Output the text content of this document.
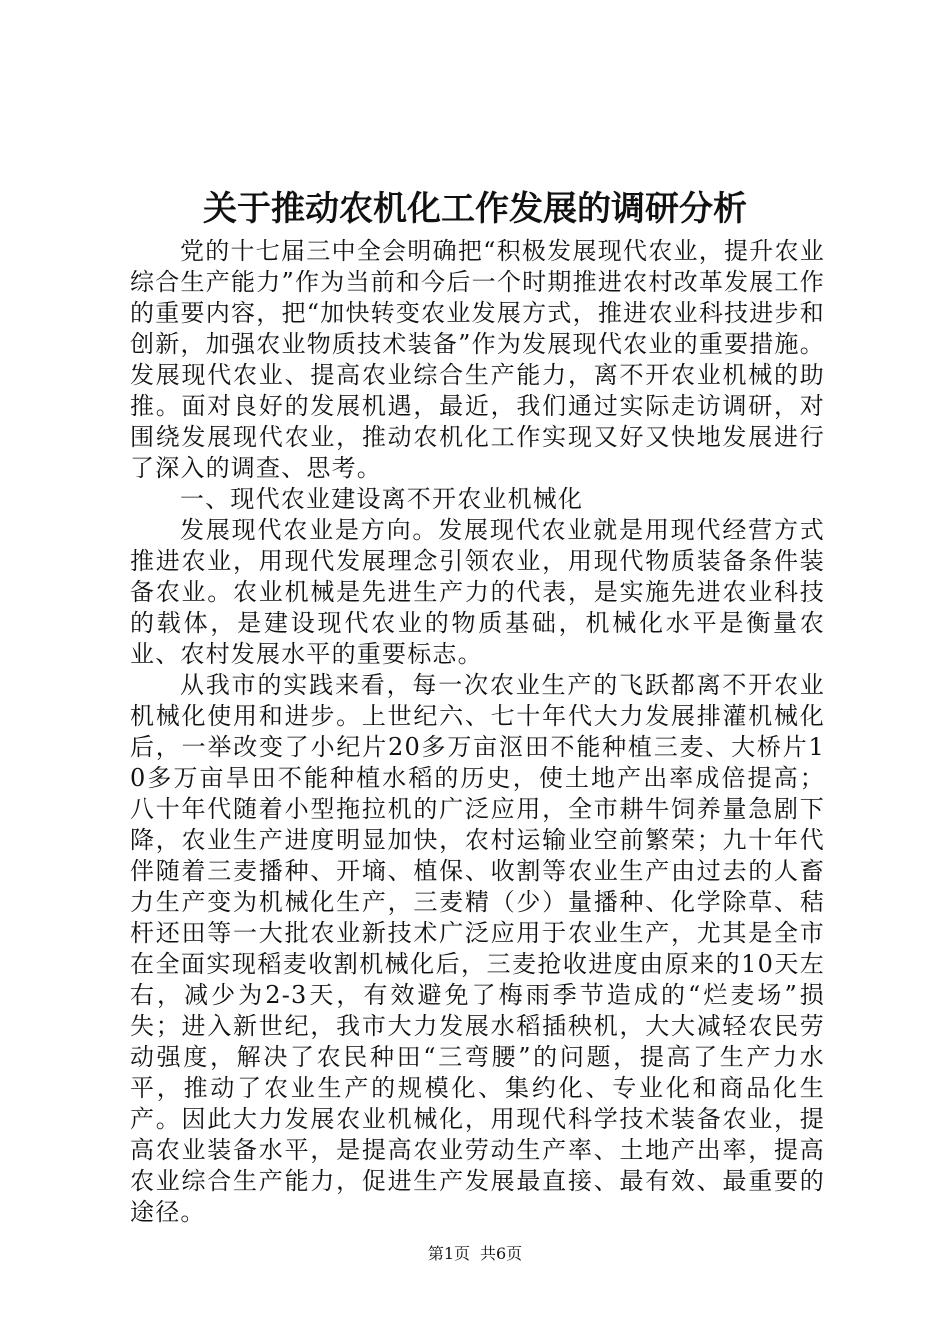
关于推动农机化工作发展的调研分析

党的十七届三中全会明确把“积极发展现代农业，提升农业综合生产能力”作为当前和今后一个时期推进农村改革发展工作的重要内容，把“加快转变农业发展方式，推进农业科技进步和创新，加强农业物质技术装备”作为发展现代农业的重要措施。发展现代农业、提高农业综合生产能力，离不开农业机械的助推。面对良好的发展机遇，最近，我们通过实际走访调研，对围绕发展现代农业，推动农机化工作实现又好又快地发展进行了深入的调查、思考。

一、现代农业建设离不开农业机械化

发展现代农业是方向。发展现代农业就是用现代经营方式推进农业，用现代发展理念引领农业，用现代物质装备条件装备农业。农业机械是先进生产力的代表，是实施先进农业科技的载体，是建设现代农业的物质基础，机械化水平是衡量农业、农村发展水平的重要标志。

从我市的实践来看，每一次农业生产的飞跃都离不开农业机械化使用和进步。上世纪六、七十年代大力发展排灌机械化后，一举改变了小纪片20多万亩沤田不能种植三麦、大桥片10多万亩旱田不能种植水稻的历史，使土地产出率成倍提高；八十年代随着小型拖拉机的广泛应用，全市耕牛饲养量急剧下降，农业生产进度明显加快，农村运输业空前繁荣；九十年代伴随着三麦播种、开墒、植保、收割等农业生产由过去的人畜力生产变为机械化生产，三麦精（少）量播种、化学除草、秸杆还田等一大批农业新技术广泛应用于农业生产，尤其是全市在全面实现稻麦收割机械化后，三麦抢收进度由原来的10天左右，减少为2-3天，有效避免了梅雨季节造成的“烂麦场”损失；进入新世纪，我市大力发展水稻插秧机，大大减轻农民劳动强度，解决了农民种田“三弯腰”的问题，提高了生产力水平，推动了农业生产的规模化、集约化、专业化和商品化生产。因此大力发展农业机械化，用现代科学技术装备农业，提高农业装备水平，是提高农业劳动生产率、土地产出率，提高农业综合生产能力，促进生产发展最直接、最有效、最重要的途径。

第1页 共6页
